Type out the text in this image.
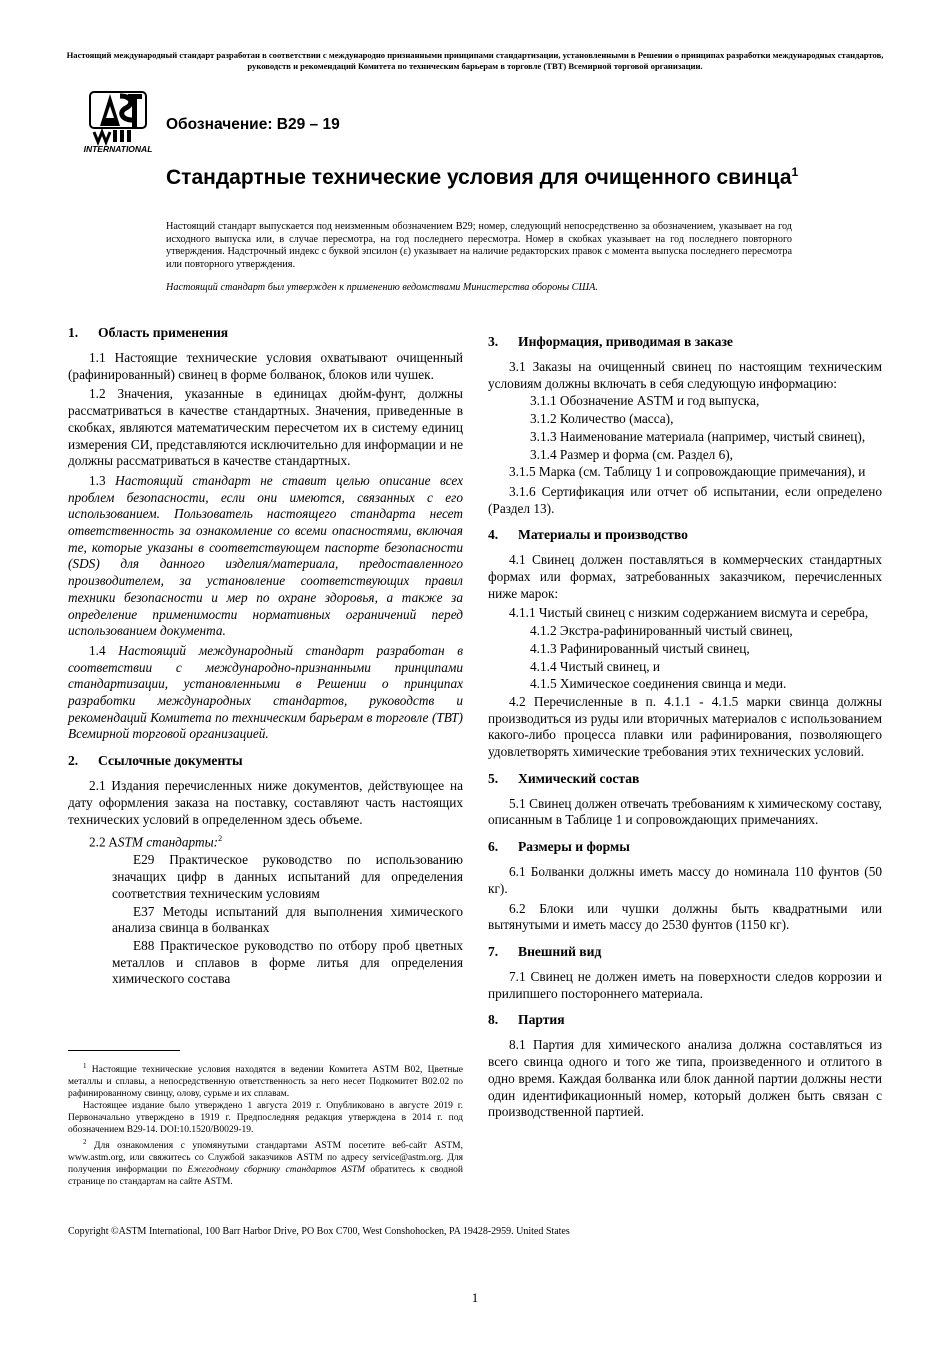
Настоящий международный стандарт разработан в соответствии с международно признанными принципами стандартизации, установленными в Решении о принципах разработки международных стандартов, руководств и рекомендаций Комитета по техническим барьерам в торговле (ТВТ) Всемирной торговой организации.
INTERNATIONAL
Обозначение: B29 – 19
Стандартные технические условия для очищенного свинца$^1$

Настоящий стандарт выпускается под неизменным обозначением B29; номер, следующий непосредственно за обозначением, указывает на год исходного выпуска или, в случае пересмотра, на год последнего пересмотра. Номер в скобках указывает на год последнего повторного утверждения. Надстрочный индекс с буквой эпсилон (ε) указывает на наличие редакторских правок с момента выпуска последнего пересмотра или повторного утверждения.

Настоящий стандарт был утвержден к применению ведомствами Министерства обороны США.

1. Область применения

1.1 Настоящие технические условия охватывают очищенный (рафинированный) свинец в форме болванок, блоков или чушек.

1.2 Значения, указанные в единицах дюйм-фунт, должны рассматриваться в качестве стандартных. Значения, приведенные в скобках, являются математическим пересчетом их в систему единиц измерения СИ, представляются исключительно для информации и не должны рассматриваться в качестве стандартных.

1.3 Настоящий стандарт не ставит целью описание всех проблем безопасности, если они имеются, связанных с его использованием. Пользователь настоящего стандарта несет ответственность за ознакомление со всеми опасностями, включая те, которые указаны в соответствующем паспорте безопасности (SDS) для данного изделия/материала, предоставленного производителем, за установление соответствующих правил техники безопасности и мер по охране здоровья, а также за определение применимости нормативных ограничений перед использованием документа.

1.4 Настоящий международный стандарт разработан в соответствии с международно-признанными принципами стандартизации, установленными в Решении о принципах разработки международных стандартов, руководств и рекомендаций Комитета по техническим барьерам в торговле (ТВТ) Всемирной торговой организацией.

2. Ссылочные документы

2.1 Издания перечисленных ниже документов, действующее на дату оформления заказа на поставку, составляют часть настоящих технических условий в определенном здесь объеме.

2.2 ASTM стандарты:$^2$

E29 Практическое руководство по использованию значащих цифр в данных испытаний для определения соответствия техническим условиям

E37 Методы испытаний для выполнения химического анализа свинца в болванках

E88 Практическое руководство по отбору проб цветных металлов и сплавов в форме литья для определения химического состава

3. Информация, приводимая в заказе

3.1 Заказы на очищенный свинец по настоящим техническим условиям должны включать в себя следующую информацию:

3.1.1 Обозначение ASTM и год выпуска,

3.1.2 Количество (масса),

3.1.3 Наименование материала (например, чистый свинец),

3.1.4 Размер и форма (см. Раздел 6),

3.1.5 Марка (см. Таблицу 1 и сопровождающие примечания), и

3.1.6 Сертификация или отчет об испытании, если определено (Раздел 13).

4. Материалы и производство

4.1 Свинец должен поставляться в коммерческих стандартных формах или формах, затребованных заказчиком, перечисленных ниже марок:

4.1.1 Чистый свинец с низким содержанием висмута и серебра,

4.1.2 Экстра-рафинированный чистый свинец,

4.1.3 Рафинированный чистый свинец,

4.1.4 Чистый свинец, и

4.1.5 Химическое соединения свинца и меди.

4.2 Перечисленные в п. 4.1.1 - 4.1.5 марки свинца должны производиться из руды или вторичных материалов с использованием какого-либо процесса плавки или рафинирования, позволяющего удовлетворять химические требования этих технических условий.

5. Химический состав

5.1 Свинец должен отвечать требованиям к химическому составу, описанным в Таблице 1 и сопровождающих примечаниях.

6. Размеры и формы

6.1 Болванки должны иметь массу до номинала 110 фунтов (50 кг).

6.2 Блоки или чушки должны быть квадратными или вытянутыми и иметь массу до 2530 фунтов (1150 кг).

7. Внешний вид

7.1 Свинец не должен иметь на поверхности следов коррозии и прилипшего постороннего материала.

8. Партия

8.1 Партия для химического анализа должна составляться из всего свинца одного и того же типа, произведенного и отлитого в одно время. Каждая болванка или блок данной партии должны нести один идентификационный номер, который должен быть связан с производственной партией.

$^1$ Настоящие технические условия находятся в ведении Комитета ASTM B02, Цветные металлы и сплавы, а непосредственную ответственность за него несет Подкомитет B02.02 по рафинированному свинцу, олову, сурьме и их сплавам.

Настоящее издание было утверждено 1 августа 2019 г. Опубликовано в августе 2019 г. Первоначально утверждено в 1919 г. Предпоследняя редакция утверждена в 2014 г. под обозначением B29-14. DOI:10.1520/B0029-19.

$^2$ Для ознакомления с упомянутыми стандартами ASTM посетите веб-сайт ASTM, www.astm.org, или свяжитесь со Службой заказчиков ASTM по адресу service@astm.org. Для получения информации по Ежегодному сборнику стандартов ASTM обратитесь к сводной странице по стандартам на сайте ASTM.

Copyright ©ASTM International, 100 Barr Harbor Drive, PO Box C700, West Conshohocken, PA 19428-2959. United States
1
